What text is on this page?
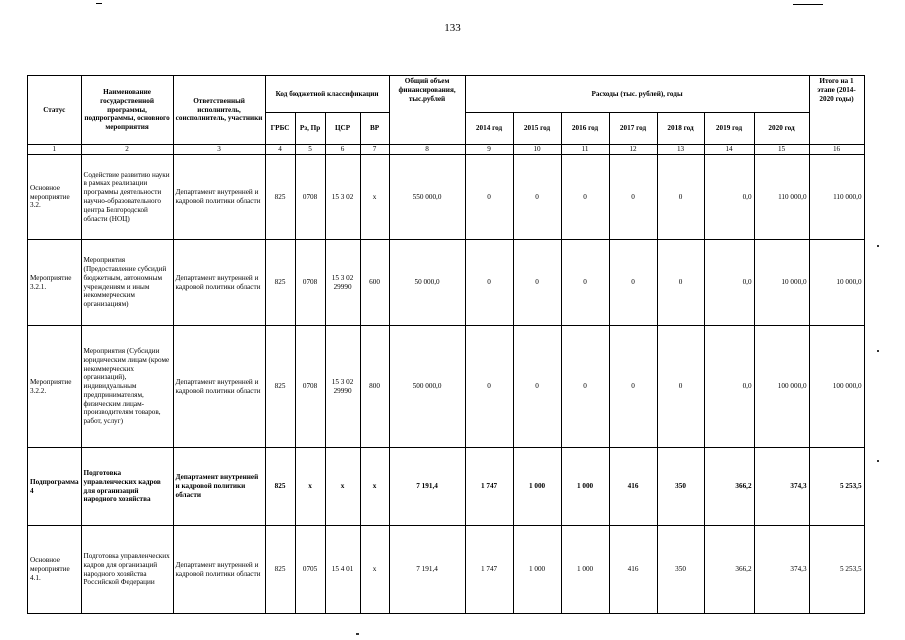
133
Статус	Наименование государственной программы, подпрограммы, основного мероприятия	Ответственный исполнитель, соисполнитель, участники	Код бюджетной классификации				Общий объем финансирования, тыс.рублей	Расходы (тыс. рублей), годы							Итого на 1 этапе (2014-2020 годы)
			ГРБС	Рз, Пр	ЦСР	ВР		2014 год	2015 год	2016 год	2017 год	2018 год	2019 год	2020 год	
1	2	3	4	5	6	7	8	9	10	11	12	13	14	15	16
Основное мероприятие 3.2.	Содействие развитию науки в рамках реализации программы деятельности научно-образовательного центра Белгородской области (НОЦ)	Департамент внутренней и кадровой политики области	825	0708	15 3 02	х	550 000,0	0	0	0	0	0	0,0	110 000,0	110 000,0
Мероприятие 3.2.1.	Мероприятия (Предоставление субсидий бюджетным, автономным учреждениям и иным некоммерческим организациям)	Департамент внутренней и кадровой политики области	825	0708	15 3 02 29990	600	50 000,0	0	0	0	0	0	0,0	10 000,0	10 000,0
Мероприятие 3.2.2.	Мероприятия (Субсидии юридическим лицам (кроме некоммерческих организаций), индивидуальным предпринимателям, физическим лицам-производителям товаров, работ, услуг)	Департамент внутренней и кадровой политики области	825	0708	15 3 02 29990	800	500 000,0	0	0	0	0	0	0,0	100 000,0	100 000,0
Подпрограмма 4	Подготовка управленческих кадров для организаций народного хозяйства	Департамент внутренней и кадровой политики области	825	х	х	х	7 191,4	1 747	1 000	1 000	416	350	366,2	374,3	5 253,5
Основное мероприятие 4.1.	Подготовка управленческих кадров для организаций народного хозяйства Российской Федерации	Департамент внутренней и кадровой политики области	825	0705	15 4 01	х	7 191,4	1 747	1 000	1 000	416	350	366,2	374,3	5 253,5
